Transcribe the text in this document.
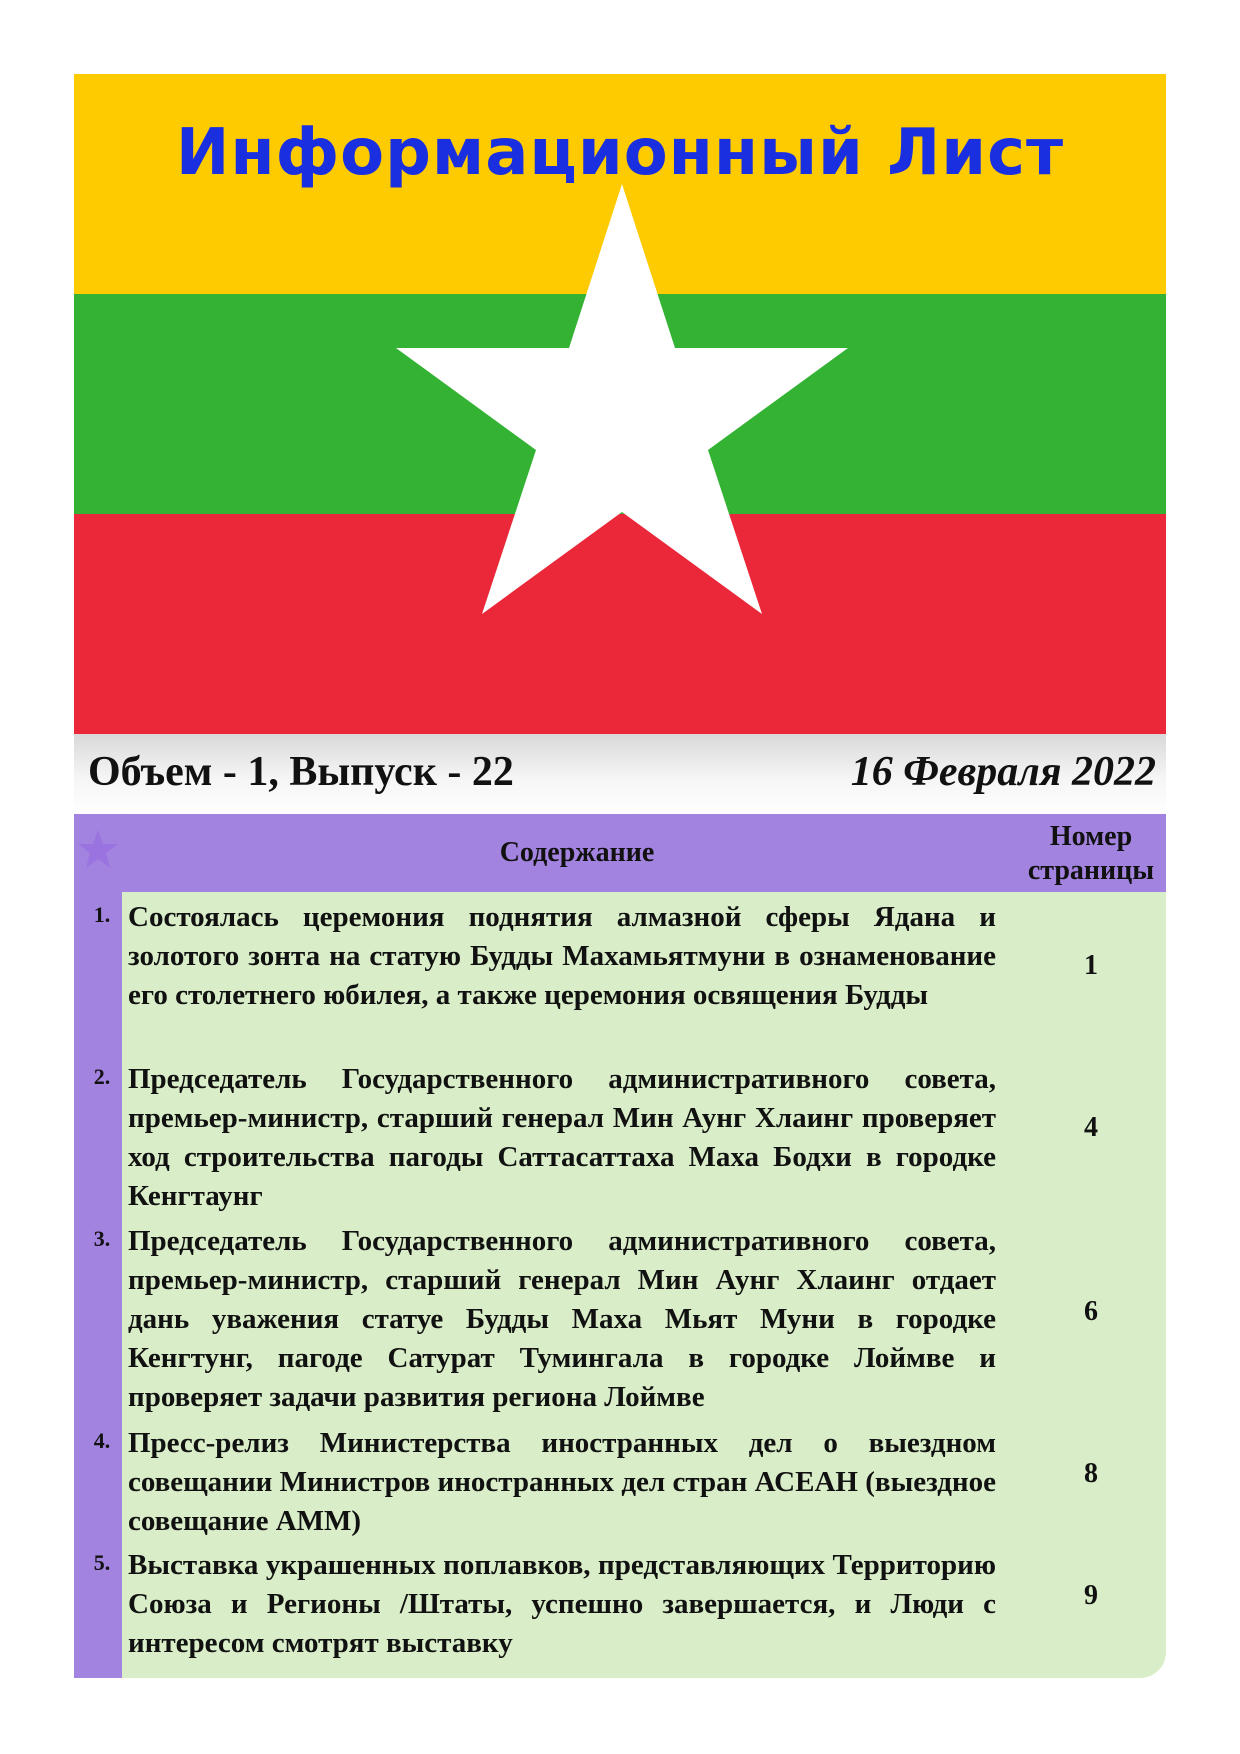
Информационный Лист
Объем - 1, Выпуск - 22	16 Февраля 2022
Содержание
Номер страницы
1. Состоялась церемония поднятия алмазной сферы Ядана и золотого зонта на статую Будды Махамьятмуни в ознаменование его столетнего юбилея, а также церемония освящения Будды
1
2. Председатель Государственного административного совета, премьер-министр, старший генерал Мин Аунг Хлаинг проверяет ход строительства пагоды Саттасаттаха Маха Бодхи в городке Кенгтаунг
4
3. Председатель Государственного административного совета, премьер-министр, старший генерал Мин Аунг Хлаинг отдает дань уважения статуе Будды Маха Мьят Муни в городке Кенгтунг, пагоде Сатурат Тумингала в городке Лоймве и проверяет задачи развития региона Лоймве
6
4. Пресс-релиз Министерства иностранных дел о выездном совещании Министров иностранных дел стран АСЕАН (выездное совещание АММ)
8
5. Выставка украшенных поплавков, представляющих Территорию Союза и Регионы /Штаты, успешно завершается, и Люди с интересом смотрят выставку
9
